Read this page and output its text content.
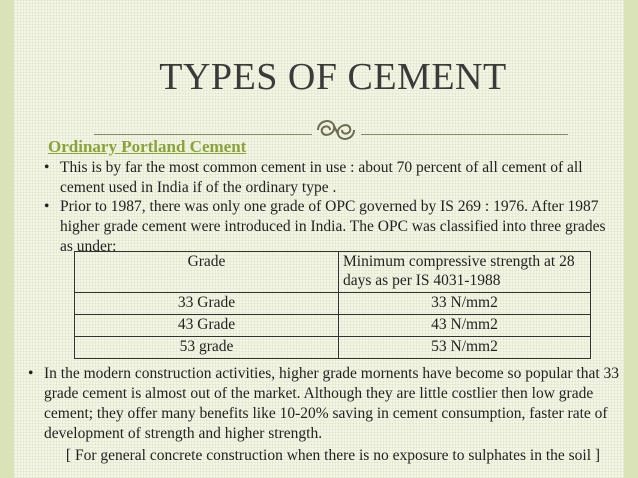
TYPES OF CEMENT
Ordinary Portland Cement
• This is by far the most common cement in use : about 70 percent of all cement of all cement used in India if of the ordinary type .
• Prior to 1987, there was only one grade of OPC governed by IS 269 : 1976. After 1987 higher grade cement were introduced in India. The OPC was classified into three grades as under:
Grade	Minimum compressive strength at 28 days as per IS 4031-1988
33 Grade	33 N/mm2
43 Grade	43 N/mm2
53 grade	53 N/mm2
• In the modern construction activities, higher grade mornents have become so popular that 33 grade cement is almost out of the market. Although they are little costlier then low grade cement; they offer many benefits like 10-20% saving in cement consumption, faster rate of development of strength and higher strength.
[ For general concrete construction when there is no exposure to sulphates in the soil ]
